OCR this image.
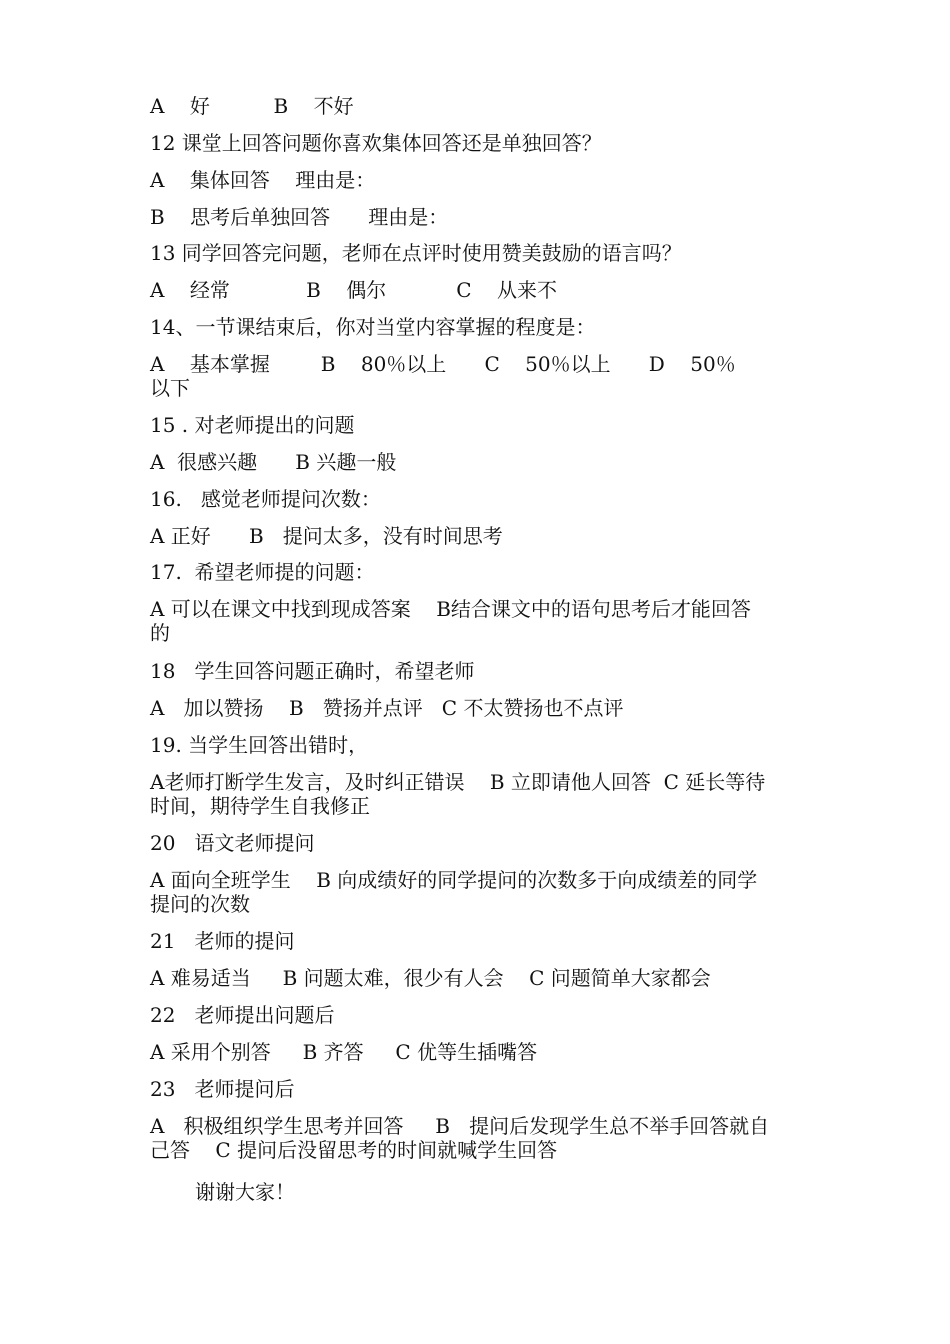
A    好          B    不好
12 课堂上回答问题你喜欢集体回答还是单独回答？
A    集体回答    理由是：
B    思考后单独回答      理由是：
13 同学回答完问题，老师在点评时使用赞美鼓励的语言吗？
A    经常            B    偶尔           C    从来不
14、一节课结束后，你对当堂内容掌握的程度是：
A    基本掌握        B    80％以上      C    50％以上      D    50％
以下
15 . 对老师提出的问题
A  很感兴趣      B 兴趣一般
16.   感觉老师提问次数：
A 正好      B   提问太多，没有时间思考
17.  希望老师提的问题：
A 可以在课文中找到现成答案    B结合课文中的语句思考后才能回答
的
18   学生回答问题正确时，希望老师
A   加以赞扬    B   赞扬并点评   C 不太赞扬也不点评
19. 当学生回答出错时，
A老师打断学生发言，及时纠正错误    B 立即请他人回答  C 延长等待
时间，期待学生自我修正
20   语文老师提问
A 面向全班学生    B 向成绩好的同学提问的次数多于向成绩差的同学
提问的次数
21   老师的提问
A 难易适当     B 问题太难，很少有人会    C 问题简单大家都会
22   老师提出问题后
A 采用个别答     B 齐答     C 优等生插嘴答
23   老师提问后
A   积极组织学生思考并回答     B   提问后发现学生总不举手回答就自
己答    C 提问后没留思考的时间就喊学生回答
谢谢大家！
